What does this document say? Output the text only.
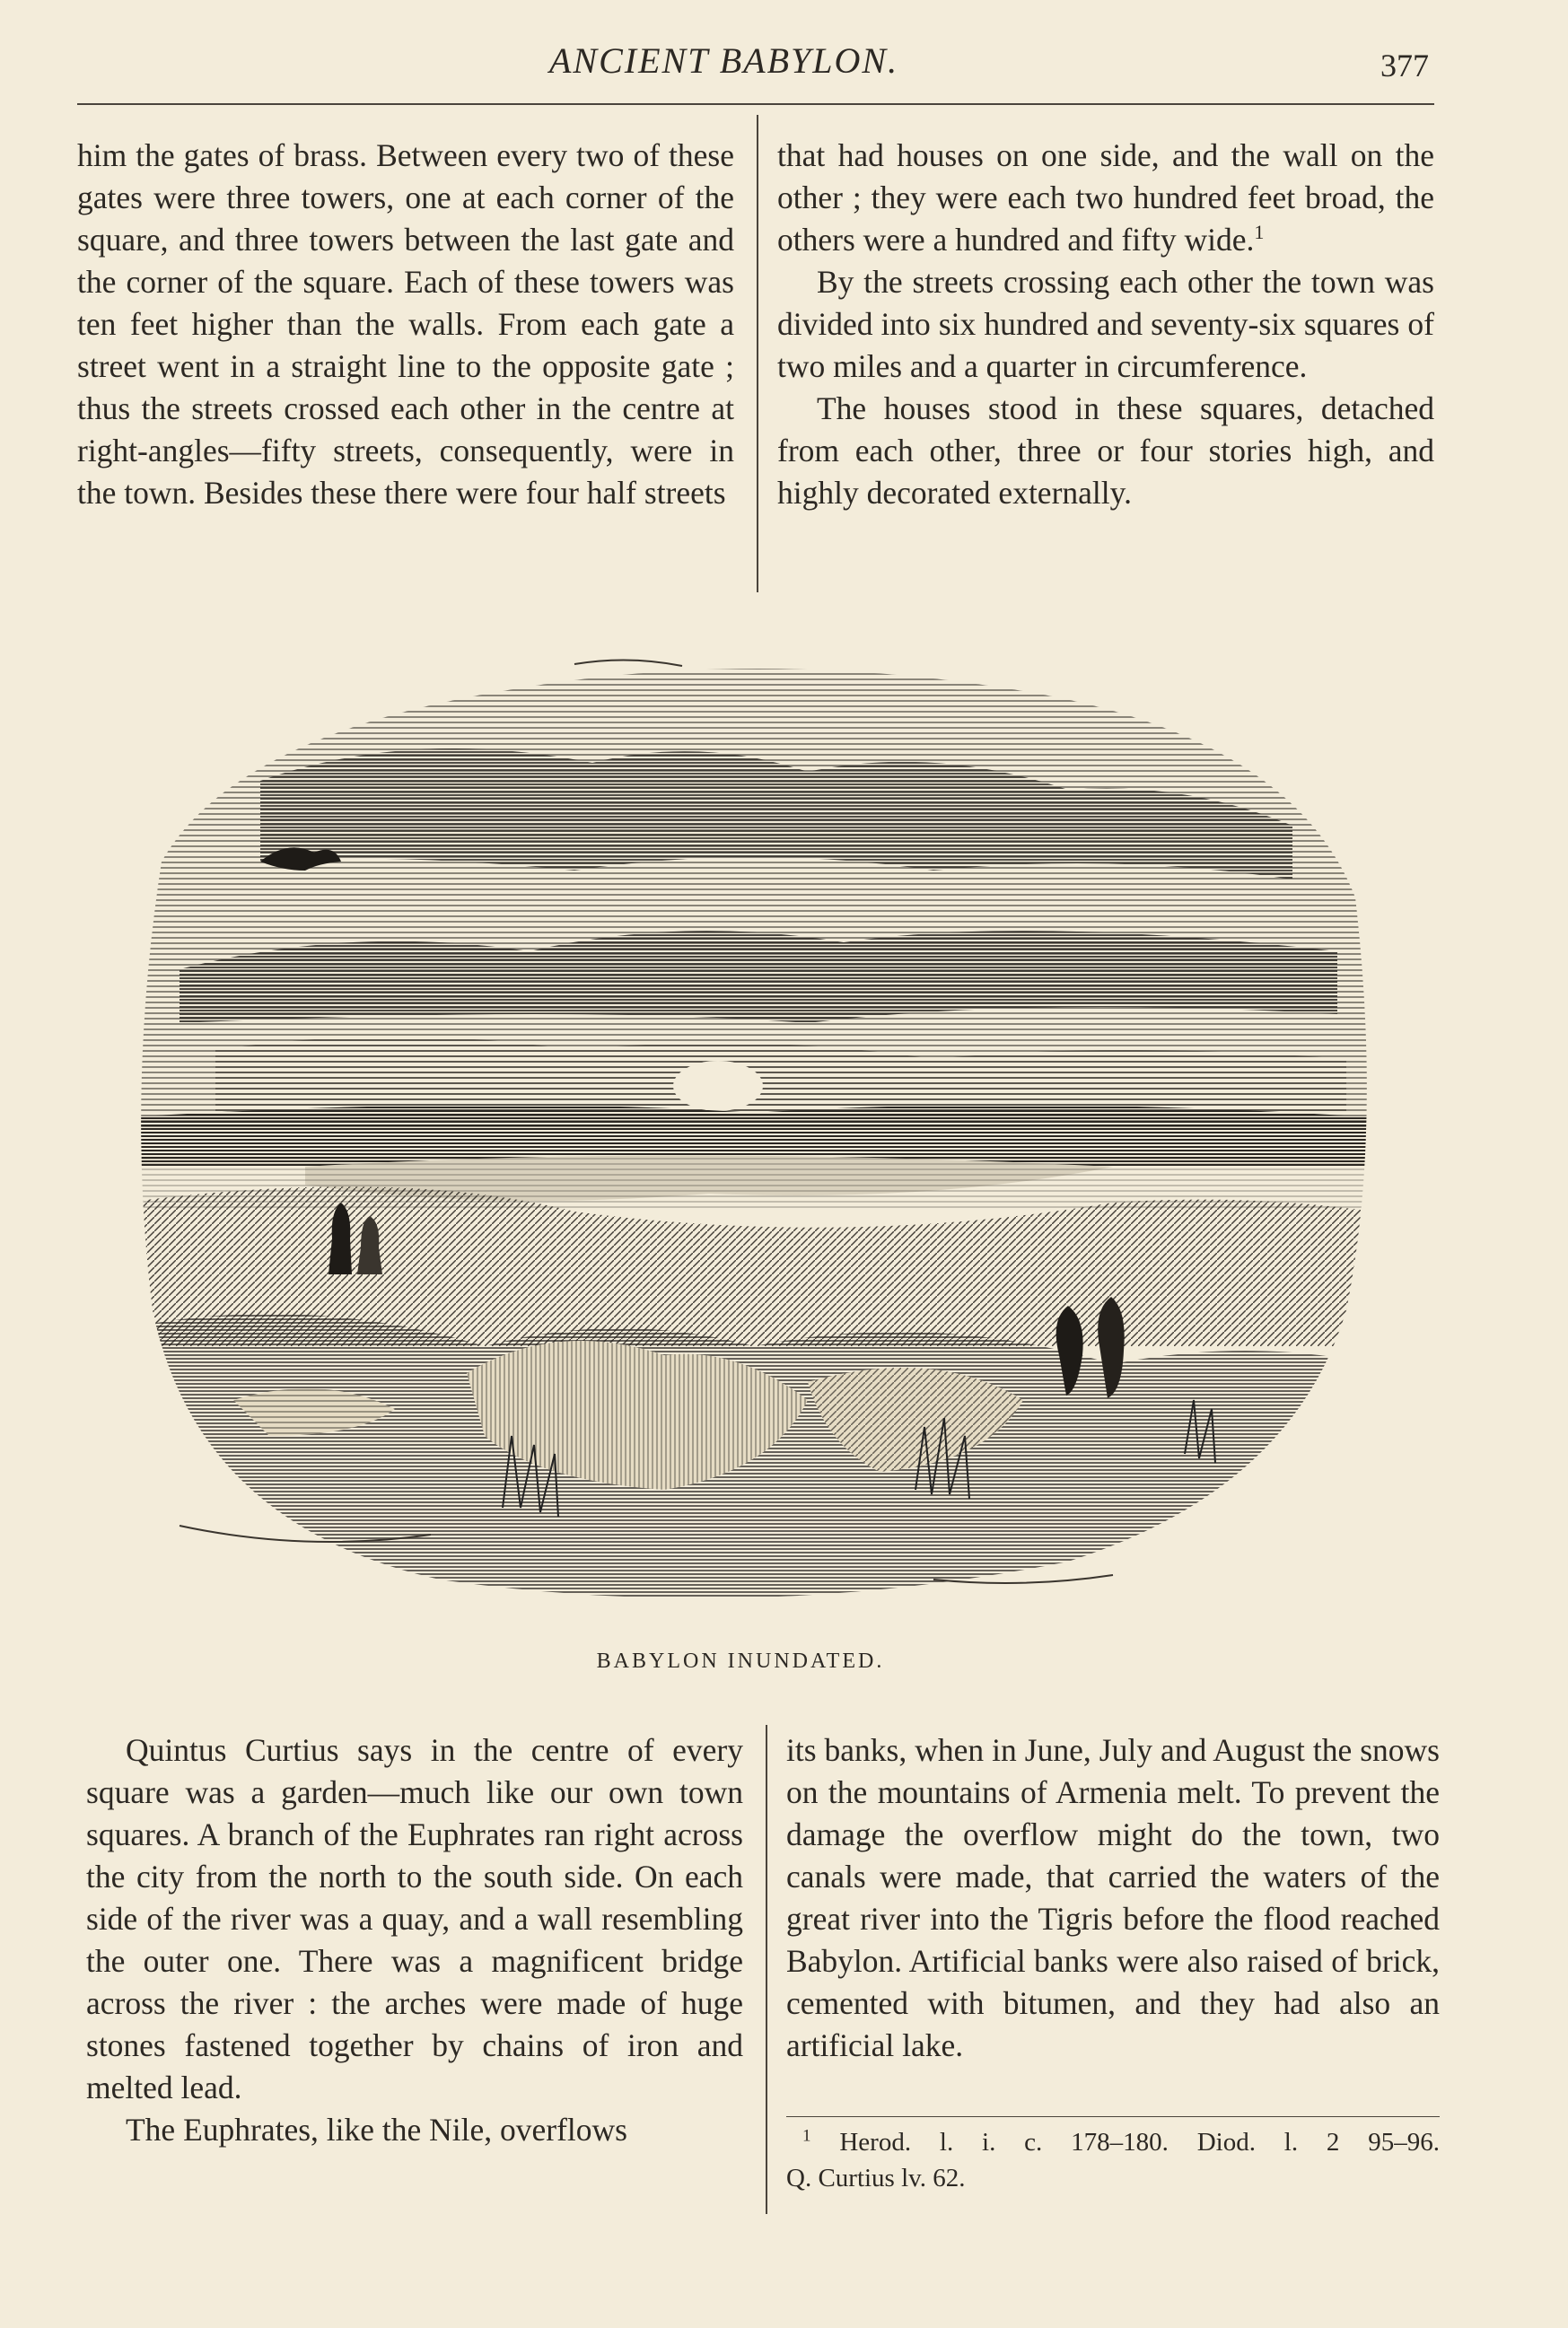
ANCIENT BABYLON.	377

him the gates of brass. Between every two of these gates were three towers, one at each corner of the square, and three towers between the last gate and the corner of the square. Each of these towers was ten feet higher than the walls. From each gate a street went in a straight line to the opposite gate ; thus the streets crossed each other in the centre at right-angles—fifty streets, consequently, were in the town. Besides these there were four half streets

that had houses on one side, and the wall on the other ; they were each two hundred feet broad, the others were a hundred and fifty wide.$^1$

By the streets crossing each other the town was divided into six hundred and seventy-six squares of two miles and a quarter in circumference.

The houses stood in these squares, detached from each other, three or four stories high, and highly decorated externally.

BABYLON INUNDATED.

Quintus Curtius says in the centre of every square was a garden—much like our own town squares. A branch of the Euphrates ran right across the city from the north to the south side. On each side of the river was a quay, and a wall resembling the outer one. There was a magnificent bridge across the river : the arches were made of huge stones fastened together by chains of iron and melted lead.

The Euphrates, like the Nile, overflows

its banks, when in June, July and August the snows on the mountains of Armenia melt. To prevent the damage the overflow might do the town, two canals were made, that carried the waters of the great river into the Tigris before the flood reached Babylon. Artificial banks were also raised of brick, cemented with bitumen, and they had also an artificial lake.

$^1$ Herod. l. i. c. 178–180. Diod. l. 2 95–96.

Q. Curtius lv. 62.
